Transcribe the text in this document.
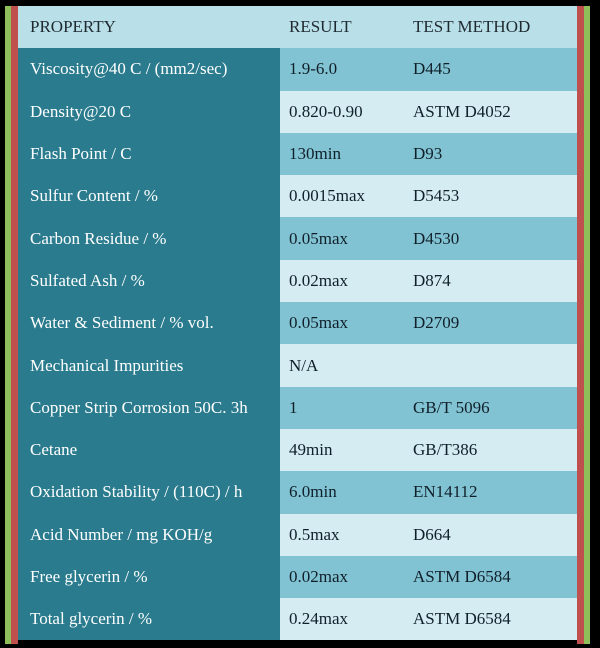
PROPERTY	RESULT	TEST METHOD
Viscosity@40 C / (mm2/sec)	1.9-6.0	D445
Density@20 C	0.820-0.90	ASTM D4052
Flash Point / C	130min	D93
Sulfur Content / %	0.0015max	D5453
Carbon Residue / %	0.05max	D4530
Sulfated Ash / %	0.02max	D874
Water & Sediment / % vol.	0.05max	D2709
Mechanical Impurities	N/A
Copper Strip Corrosion 50C. 3h	1	GB/T 5096
Cetane	49min	GB/T386
Oxidation Stability / (110C) / h	6.0min	EN14112
Acid Number / mg KOH/g	0.5max	D664
Free glycerin / %	0.02max	ASTM D6584
Total glycerin / %	0.24max	ASTM D6584
